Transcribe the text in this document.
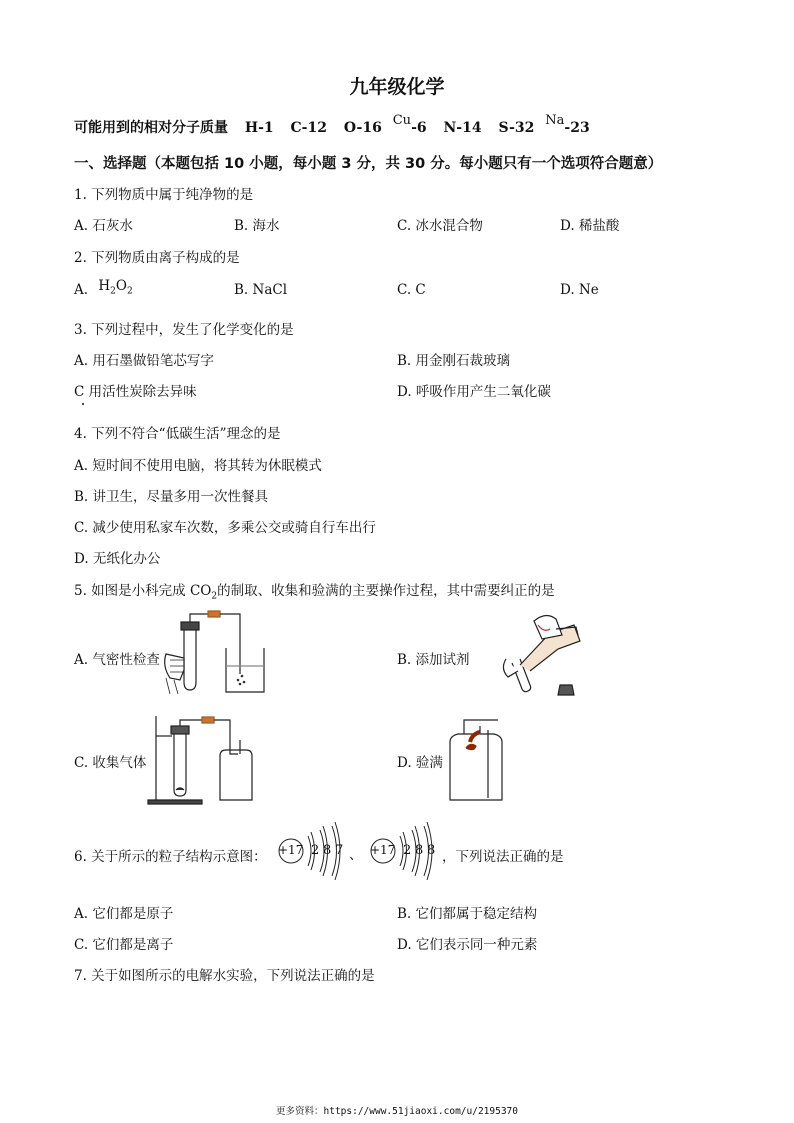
九年级化学
可能用到的相对分子质量 H-1 C-12 O-16 Cu-6 N-14 S-32 Na-23
一、选择题（本题包括 10 小题，每小题 3 分，共 30 分。每小题只有一个选项符合题意）
1. 下列物质中属于纯净物的是
A. 石灰水	B. 海水	C. 冰水混合物	D. 稀盐酸
2. 下列物质由离子构成的是
A. $H_2O_2$	B. NaCl	C. C	D. Ne
3. 下列过程中，发生了化学变化的是
A. 用石墨做铅笔芯写字	B. 用金刚石裁玻璃
C 用活性炭除去异味	D. 呼吸作用产生二氧化碳
4. 下列不符合“低碳生活”理念的是
A. 短时间不使用电脑，将其转为休眠模式
B. 讲卫生，尽量多用一次性餐具
C. 减少使用私家车次数，多乘公交或骑自行车出行
D. 无纸化办公
5. 如图是小科完成 $CO_2$的制取、收集和验满的主要操作过程，其中需要纠正的是
A. 气密性检查	B. 添加试剂
C. 收集气体	D. 验满
6. 关于所示的粒子结构示意图： +17 2 8 7 、 +17 2 8 8 ，下列说法正确的是
A. 它们都是原子	B. 它们都属于稳定结构
C. 它们都是离子	D. 它们表示同一种元素
7. 关于如图所示的电解水实验，下列说法正确的是
更多资料：https://www.51jiaoxi.com/u/2195370
